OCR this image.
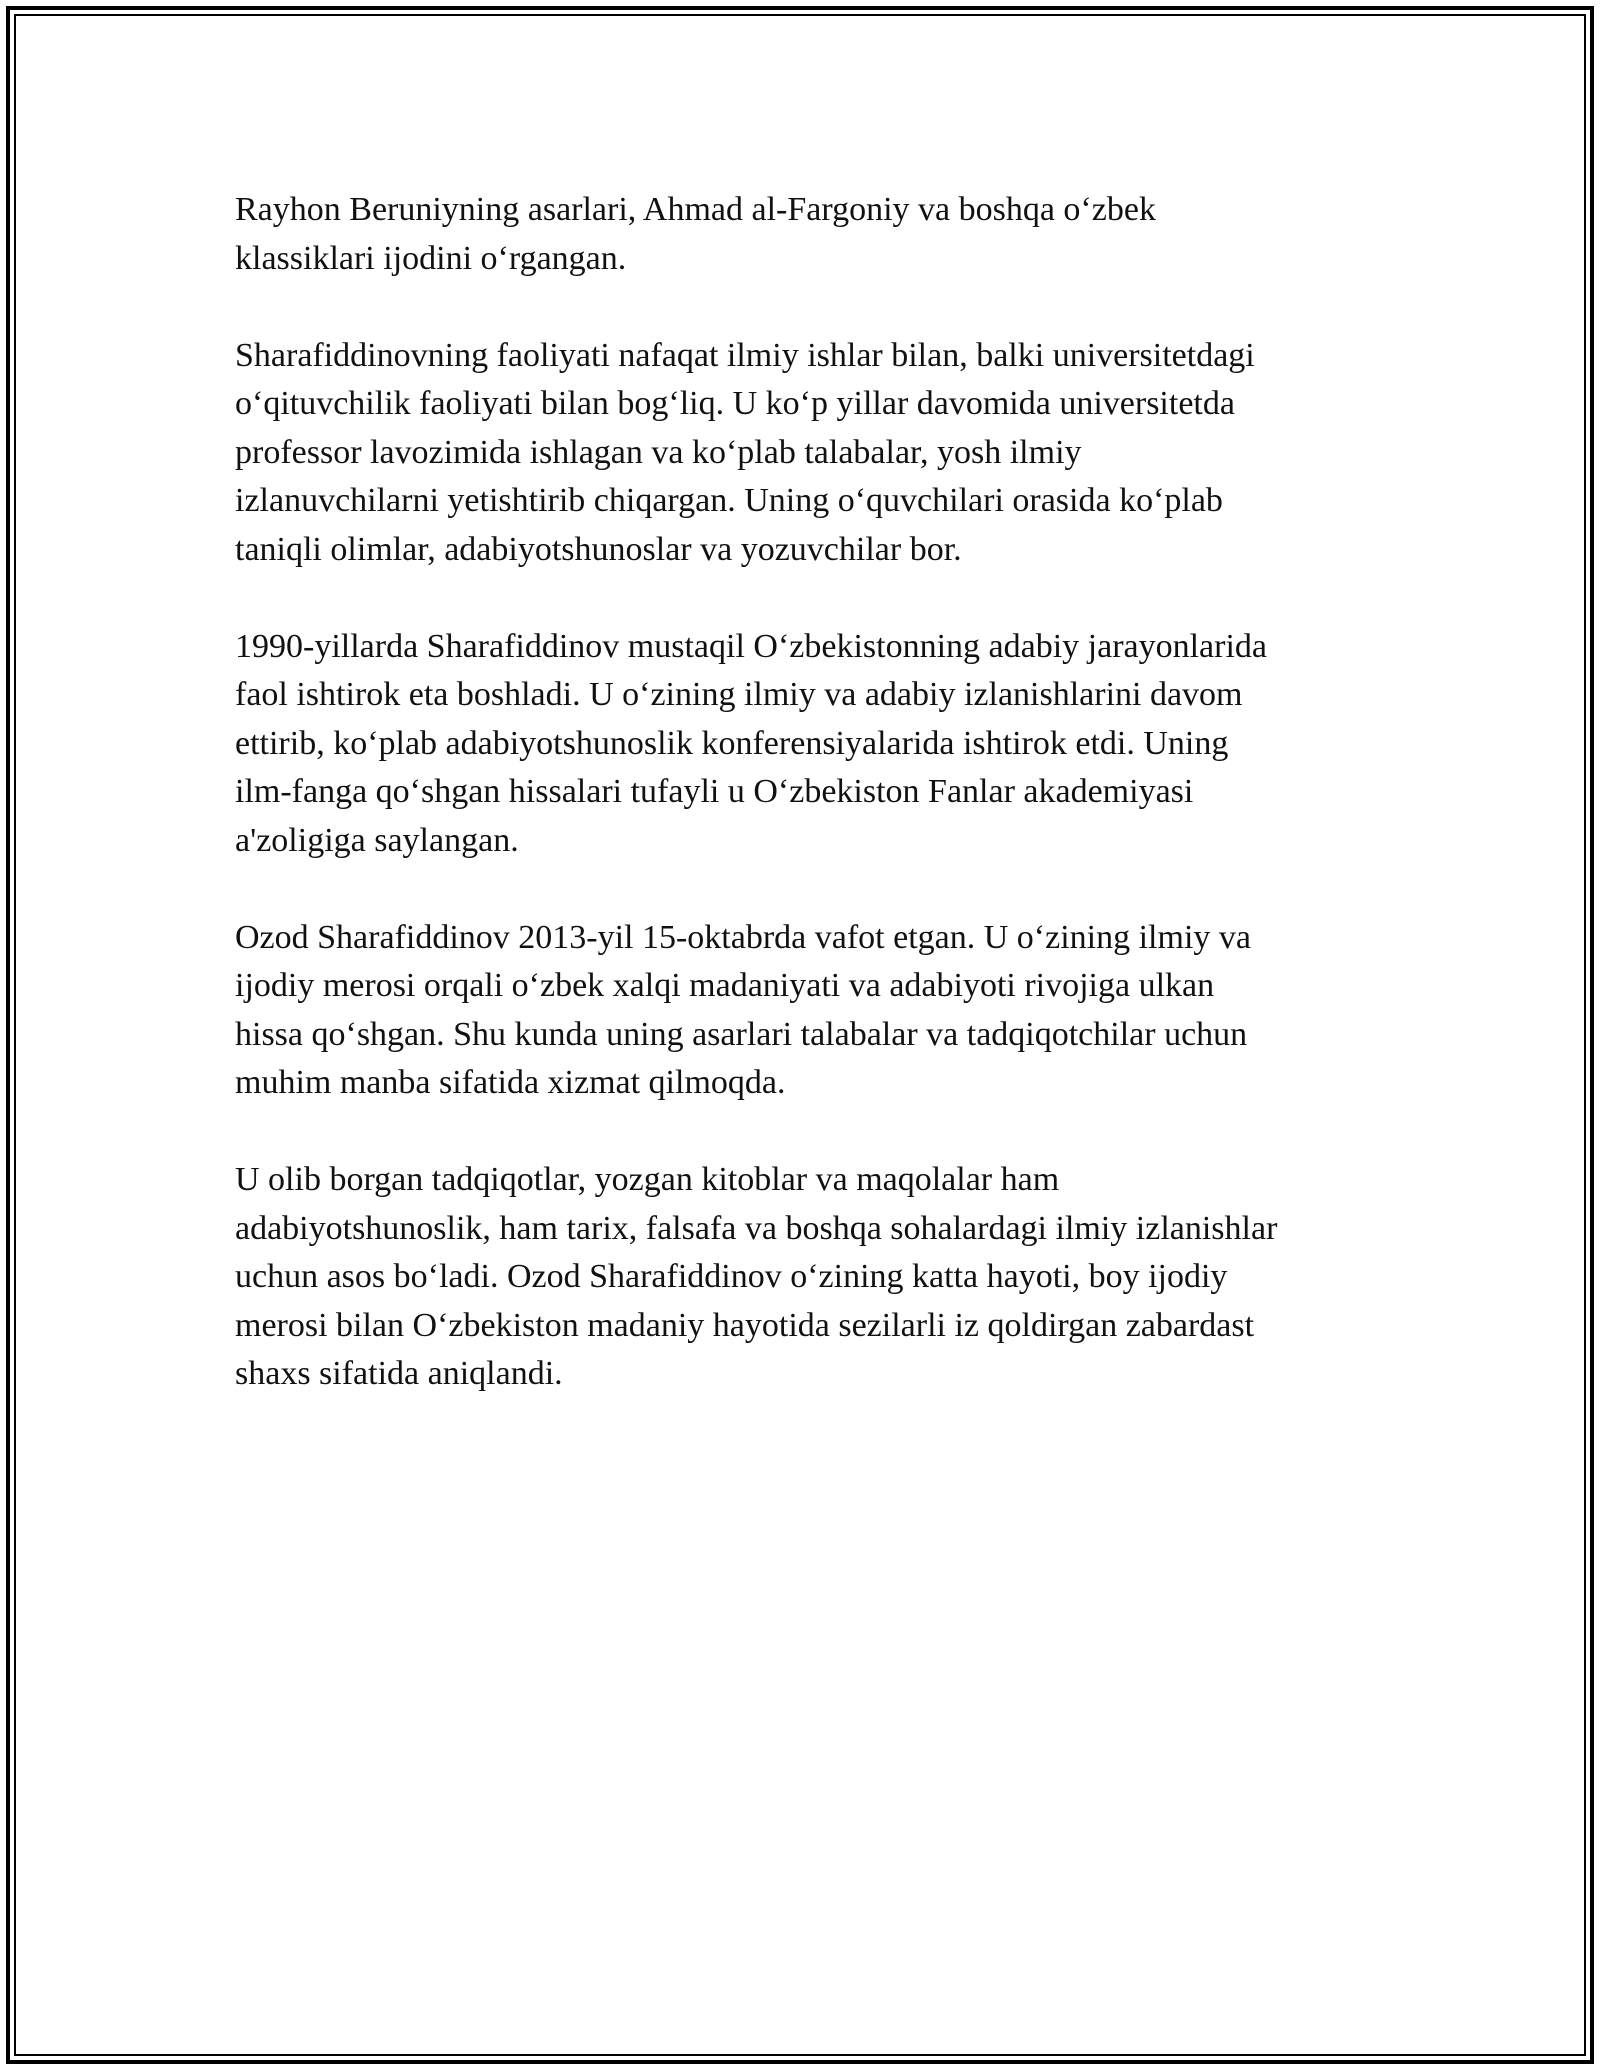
Rayhon Beruniyning asarlari, Ahmad al-Fargoniy va boshqa o‘zbek
klassiklari ijodini o‘rgangan.

Sharafiddinovning faoliyati nafaqat ilmiy ishlar bilan, balki universitetdagi
o‘qituvchilik faoliyati bilan bog‘liq. U ko‘p yillar davomida universitetda
professor lavozimida ishlagan va ko‘plab talabalar, yosh ilmiy
izlanuvchilarni yetishtirib chiqargan. Uning o‘quvchilari orasida ko‘plab
taniqli olimlar, adabiyotshunoslar va yozuvchilar bor.

1990-yillarda Sharafiddinov mustaqil O‘zbekistonning adabiy jarayonlarida
faol ishtirok eta boshladi. U o‘zining ilmiy va adabiy izlanishlarini davom
ettirib, ko‘plab adabiyotshunoslik konferensiyalarida ishtirok etdi. Uning
ilm-fanga qo‘shgan hissalari tufayli u O‘zbekiston Fanlar akademiyasi
a'zoligiga saylangan.

Ozod Sharafiddinov 2013-yil 15-oktabrda vafot etgan. U o‘zining ilmiy va
ijodiy merosi orqali o‘zbek xalqi madaniyati va adabiyoti rivojiga ulkan
hissa qo‘shgan. Shu kunda uning asarlari talabalar va tadqiqotchilar uchun
muhim manba sifatida xizmat qilmoqda.

U olib borgan tadqiqotlar, yozgan kitoblar va maqolalar ham
adabiyotshunoslik, ham tarix, falsafa va boshqa sohalardagi ilmiy izlanishlar
uchun asos bo‘ladi. Ozod Sharafiddinov o‘zining katta hayoti, boy ijodiy
merosi bilan O‘zbekiston madaniy hayotida sezilarli iz qoldirgan zabardast
shaxs sifatida aniqlandi.
